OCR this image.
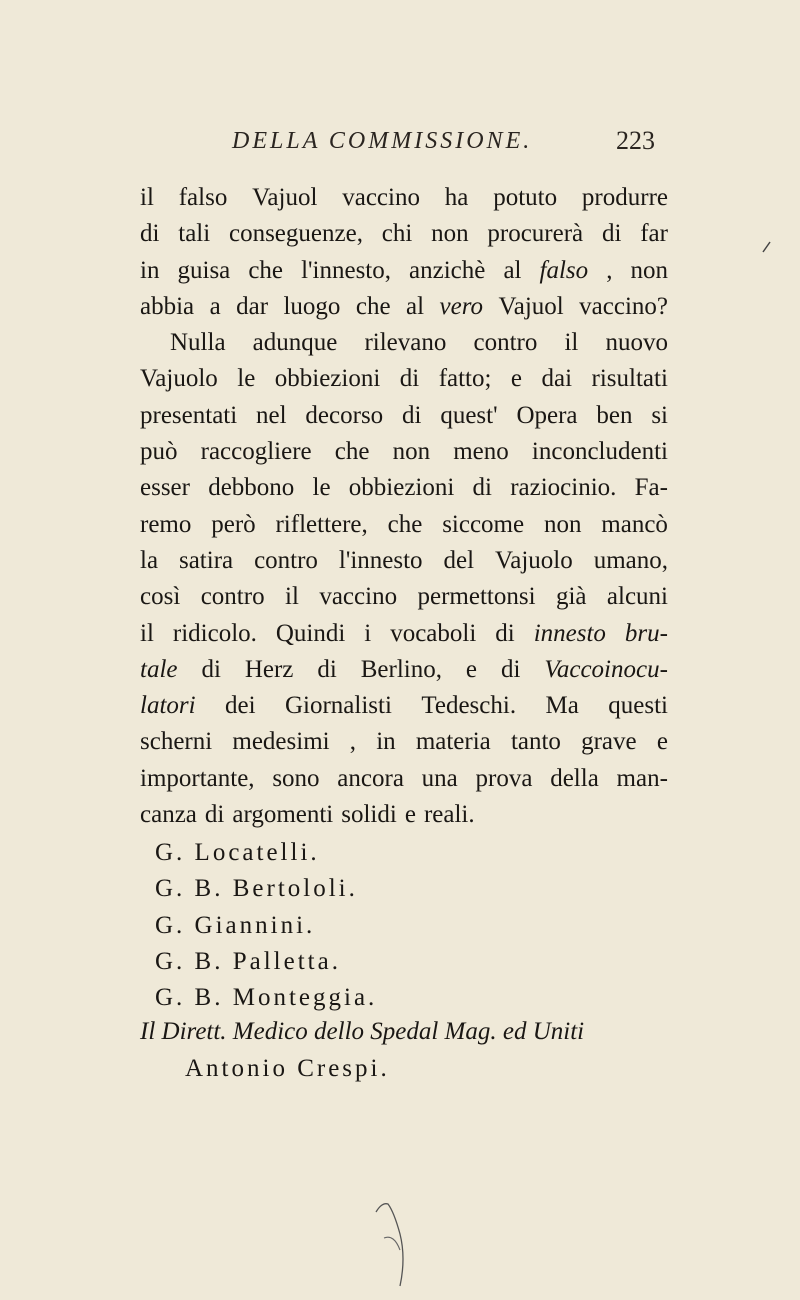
DELLA COMMISSIONE.	223
il falso Vajuol vaccino ha potuto produrre
di tali conseguenze, chi non procurerà di far
in guisa che l'innesto, anzichè al falso , non
abbia a dar luogo che al vero Vajuol vaccino?
Nulla adunque rilevano contro il nuovo
Vajuolo le obbiezioni di fatto; e dai risultati
presentati nel decorso di quest' Opera ben si
può raccogliere che non meno inconcludenti
esser debbono le obbiezioni di raziocinio. Fa-
remo però riflettere, che siccome non mancò
la satira contro l'innesto del Vajuolo umano,
così contro il vaccino permettonsi già alcuni
il ridicolo. Quindi i vocaboli di innesto bru-
tale di Herz di Berlino, e di Vaccoinocu-
latori dei Giornalisti Tedeschi. Ma questi
scherni medesimi , in materia tanto grave e
importante, sono ancora una prova della man-
canza di argomenti solidi e reali.
G. Locatelli.
G. B. Bertololi.
G. Giannini.
G. B. Palletta.
G. B. Monteggia.
Il Dirett. Medico dello Spedal Mag. ed Uniti
Antonio Crespi.
